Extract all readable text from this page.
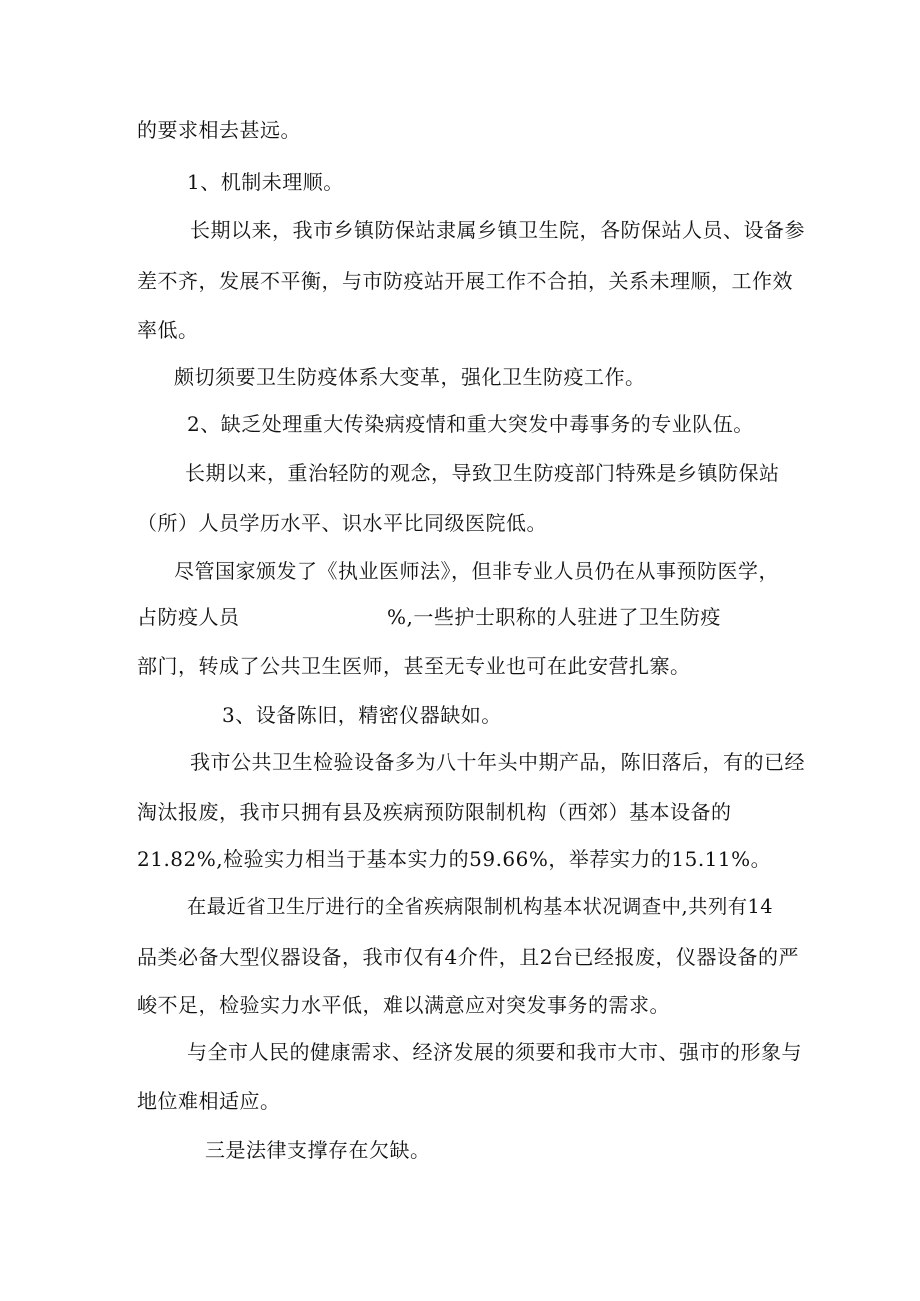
的要求相去甚远。
1、机制未理顺。
长期以来，我市乡镇防保站隶属乡镇卫生院，各防保站人员、设备参
差不齐，发展不平衡，与市防疫站开展工作不合拍，关系未理顺，工作效
率低。
颇切须要卫生防疫体系大变革，强化卫生防疫工作。
2、缺乏处理重大传染病疫情和重大突发中毒事务的专业队伍。
长期以来，重治轻防的观念，导致卫生防疫部门特殊是乡镇防保站
（所）人员学历水平、识水平比同级医院低。
尽管国家颁发了《执业医师法》，但非专业人员仍在从事预防医学，
占防疫人员	%,一些护士职称的人驻进了卫生防疫
部门，转成了公共卫生医师，甚至无专业也可在此安营扎寨。
3、设备陈旧，精密仪器缺如。
我市公共卫生检验设备多为八十年头中期产品，陈旧落后，有的已经
淘汰报废，我市只拥有县及疾病预防限制机构（西郊）基本设备的
21.82%,检验实力相当于基本实力的59.66%，举荐实力的15.11%。
在最近省卫生厅进行的全省疾病限制机构基本状况调查中,共列有14
品类必备大型仪器设备，我市仅有4介件，且2台已经报废，仪器设备的严
峻不足，检验实力水平低，难以满意应对突发事务的需求。
与全市人民的健康需求、经济发展的须要和我市大市、强市的形象与
地位难相适应。
三是法律支撑存在欠缺。
